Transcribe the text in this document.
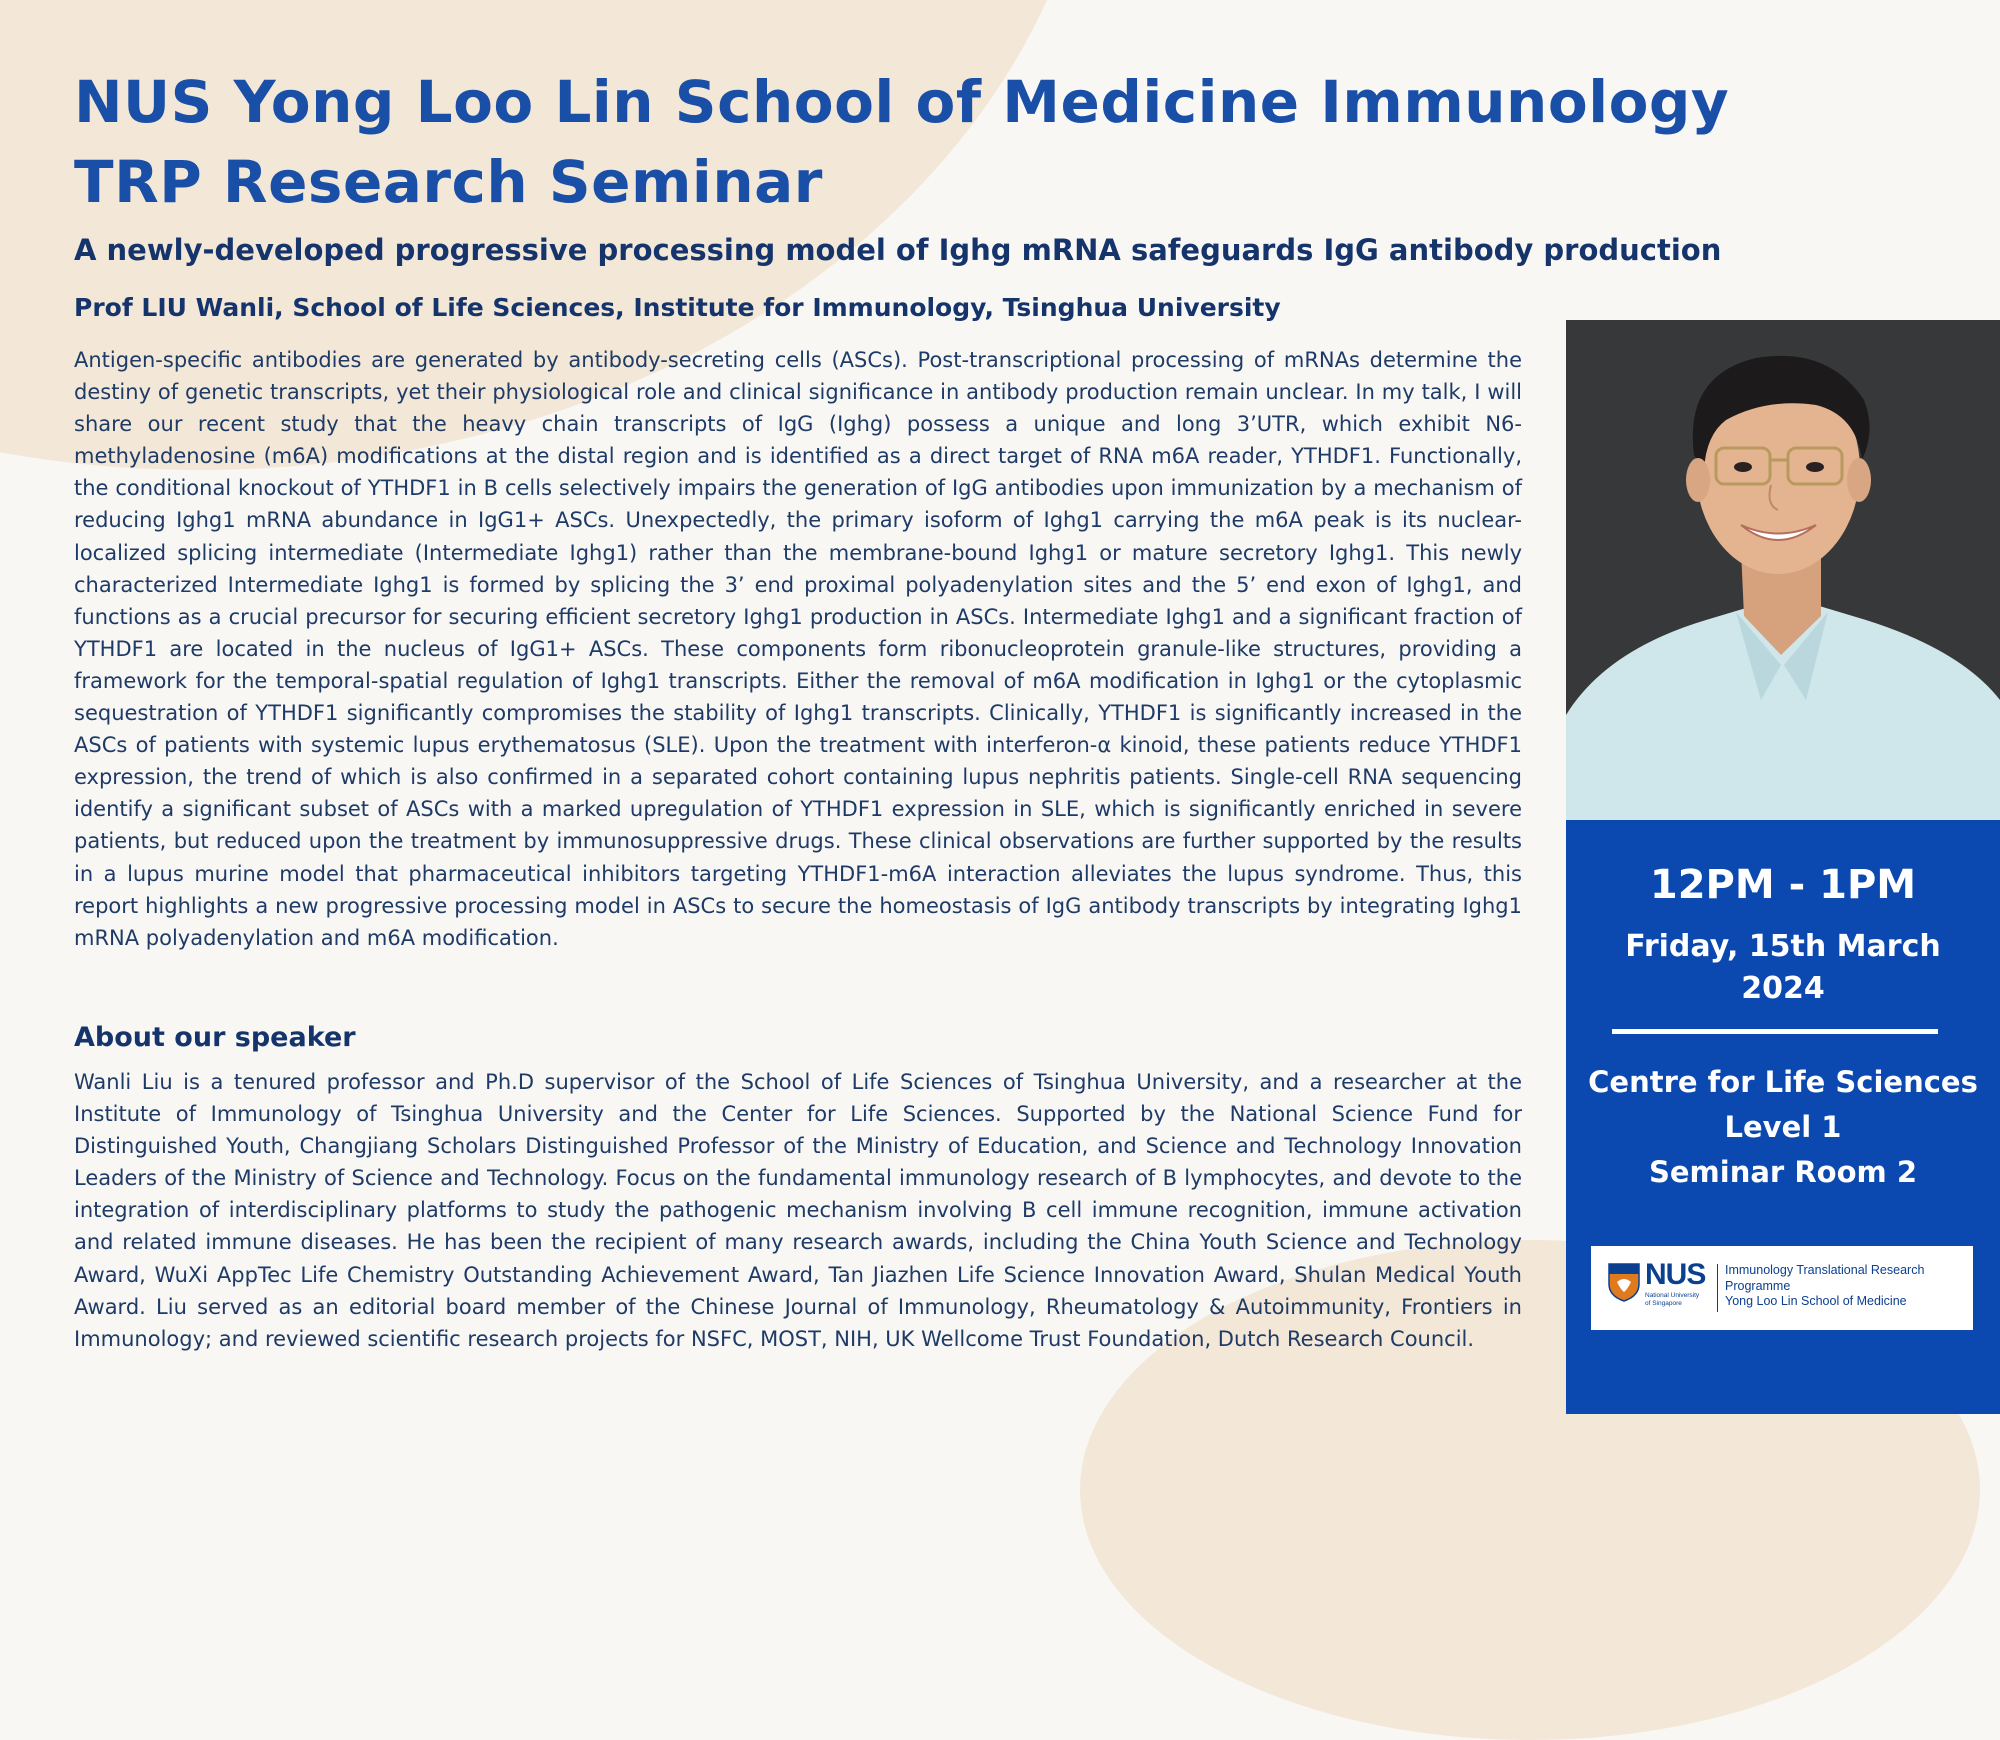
NUS Yong Loo Lin School of Medicine Immunology TRP Research Seminar
A newly-developed progressive processing model of Ighg mRNA safeguards IgG antibody production
Prof LIU Wanli, School of Life Sciences, Institute for Immunology, Tsinghua University

Antigen-specific antibodies are generated by antibody-secreting cells (ASCs). Post-transcriptional processing of mRNAs determine the destiny of genetic transcripts, yet their physiological role and clinical significance in antibody production remain unclear. In my talk, I will share our recent study that the heavy chain transcripts of IgG (Ighg) possess a unique and long 3’UTR, which exhibit N6-methyladenosine (m6A) modifications at the distal region and is identified as a direct target of RNA m6A reader, YTHDF1. Functionally, the conditional knockout of YTHDF1 in B cells selectively impairs the generation of IgG antibodies upon immunization by a mechanism of reducing Ighg1 mRNA abundance in IgG1+ ASCs. Unexpectedly, the primary isoform of Ighg1 carrying the m6A peak is its nuclear-localized splicing intermediate (Intermediate Ighg1) rather than the membrane-bound Ighg1 or mature secretory Ighg1. This newly characterized Intermediate Ighg1 is formed by splicing the 3’ end proximal polyadenylation sites and the 5’ end exon of Ighg1, and functions as a crucial precursor for securing efficient secretory Ighg1 production in ASCs. Intermediate Ighg1 and a significant fraction of YTHDF1 are located in the nucleus of IgG1+ ASCs. These components form ribonucleoprotein granule-like structures, providing a framework for the temporal-spatial regulation of Ighg1 transcripts. Either the removal of m6A modification in Ighg1 or the cytoplasmic sequestration of YTHDF1 significantly compromises the stability of Ighg1 transcripts. Clinically, YTHDF1 is significantly increased in the ASCs of patients with systemic lupus erythematosus (SLE). Upon the treatment with interferon-α kinoid, these patients reduce YTHDF1 expression, the trend of which is also confirmed in a separated cohort containing lupus nephritis patients. Single-cell RNA sequencing identify a significant subset of ASCs with a marked upregulation of YTHDF1 expression in SLE, which is significantly enriched in severe patients, but reduced upon the treatment by immunosuppressive drugs. These clinical observations are further supported by the results in a lupus murine model that pharmaceutical inhibitors targeting YTHDF1-m6A interaction alleviates the lupus syndrome. Thus, this report highlights a new progressive processing model in ASCs to secure the homeostasis of IgG antibody transcripts by integrating Ighg1 mRNA polyadenylation and m6A modification.

About our speaker

Wanli Liu is a tenured professor and Ph.D supervisor of the School of Life Sciences of Tsinghua University, and a researcher at the Institute of Immunology of Tsinghua University and the Center for Life Sciences. Supported by the National Science Fund for Distinguished Youth, Changjiang Scholars Distinguished Professor of the Ministry of Education, and Science and Technology Innovation Leaders of the Ministry of Science and Technology. Focus on the fundamental immunology research of B lymphocytes, and devote to the integration of interdisciplinary platforms to study the pathogenic mechanism involving B cell immune recognition, immune activation and related immune diseases. He has been the recipient of many research awards, including the China Youth Science and Technology Award, WuXi AppTec Life Chemistry Outstanding Achievement Award, Tan Jiazhen Life Science Innovation Award, Shulan Medical Youth Award. Liu served as an editorial board member of the Chinese Journal of Immunology, Rheumatology & Autoimmunity, Frontiers in Immunology; and reviewed scientific research projects for NSFC, MOST, NIH, UK Wellcome Trust Foundation, Dutch Research Council.

12PM - 1PM

Friday, 15th March 2024

Centre for Life Sciences
Level 1
Seminar Room 2

NUS

National University of Singapore

Immunology Translational Research
Programme
Yong Loo Lin School of Medicine
